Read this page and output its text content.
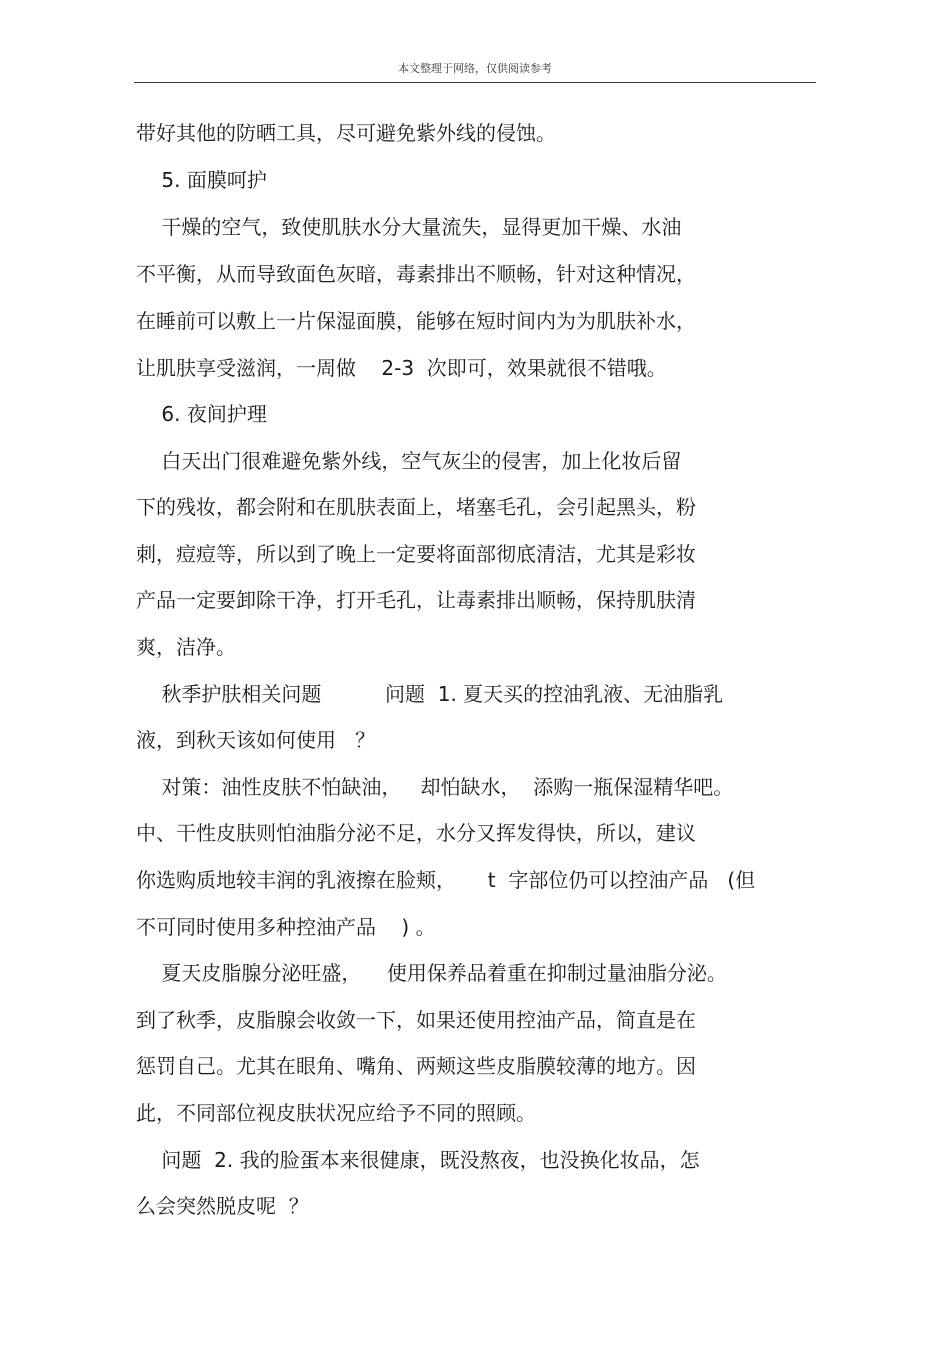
本文整理于网络，仅供阅读参考
带好其他的防晒工具，尽可避免紫外线的侵蚀。
5. 面膜呵护
干燥的空气，致使肌肤水分大量流失，显得更加干燥、水油
不平衡，从而导致面色灰暗，毒素排出不顺畅，针对这种情况，
在睡前可以敷上一片保湿面膜，能够在短时间内为为肌肤补水，
让肌肤享受滋润，一周做    2-3  次即可，效果就很不错哦。
6. 夜间护理
白天出门很难避免紫外线，空气灰尘的侵害，加上化妆后留
下的残妆，都会附和在肌肤表面上，堵塞毛孔，会引起黑头，粉
刺，痘痘等，所以到了晚上一定要将面部彻底清洁，尤其是彩妆
产品一定要卸除干净，打开毛孔，让毒素排出顺畅，保持肌肤清
爽，洁净。
秋季护肤相关问题          问题  1. 夏天买的控油乳液、无油脂乳
液，到秋天该如何使用   ？
对策：油性皮肤不怕缺油，   却怕缺水，  添购一瓶保湿精华吧。
中、干性皮肤则怕油脂分泌不足，水分又挥发得快，所以，建议
你选购质地较丰润的乳液擦在脸颊，     t  字部位仍可以控油产品   (但
不可同时使用多种控油产品    ) 。
夏天皮脂腺分泌旺盛，    使用保养品着重在抑制过量油脂分泌。
到了秋季，皮脂腺会收敛一下，如果还使用控油产品，简直是在
惩罚自己。尤其在眼角、嘴角、两颊这些皮脂膜较薄的地方。因
此，不同部位视皮肤状况应给予不同的照顾。
问题  2. 我的脸蛋本来很健康，既没熬夜，也没换化妆品，怎
么会突然脱皮呢  ？
